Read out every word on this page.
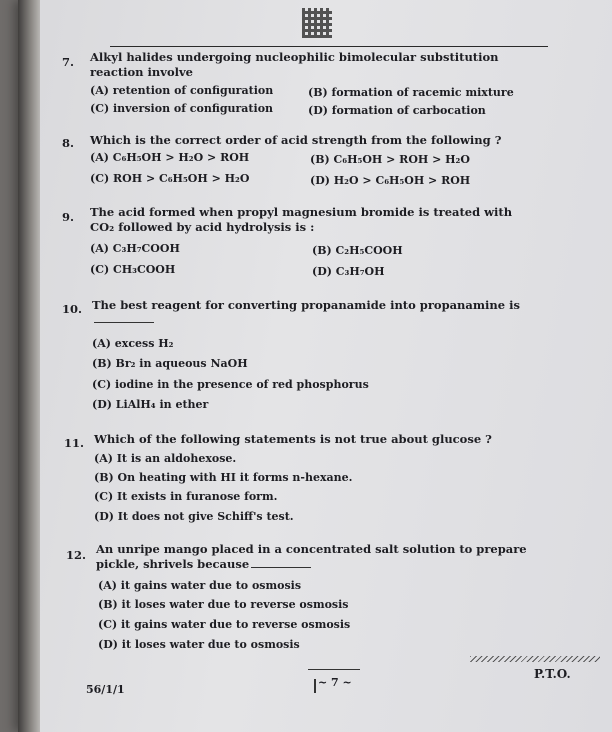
7. Alkyl halides undergoing nucleophilic bimolecular substitution reaction involve
(A) retention of configuration	(B) formation of racemic mixture
(C) inversion of configuration	(D) formation of carbocation
8. Which is the correct order of acid strength from the following ?
(A) C₆H₅OH > H₂O > ROH	(B) C₆H₅OH > ROH > H₂O
(C) ROH > C₆H₅OH > H₂O	(D) H₂O > C₆H₅OH > ROH
9. The acid formed when propyl magnesium bromide is treated with CO₂ followed by acid hydrolysis is :
(A) C₃H₇COOH	(B) C₂H₅COOH
(C) CH₃COOH	(D) C₃H₇OH
10. The best reagent for converting propanamide into propanamine is
(A) excess H₂
(B) Br₂ in aqueous NaOH
(C) iodine in the presence of red phosphorus
(D) LiAlH₄ in ether
11. Which of the following statements is not true about glucose ?
(A) It is an aldohexose.
(B) On heating with HI it forms n-hexane.
(C) It exists in furanose form.
(D) It does not give Schiff's test.
12. An unripe mango placed in a concentrated salt solution to prepare pickle, shrivels because
(A) it gains water due to osmosis
(B) it loses water due to reverse osmosis
(C) it gains water due to reverse osmosis
(D) it loses water due to osmosis
P.T.O.
~ 7 ~
56/1/1
